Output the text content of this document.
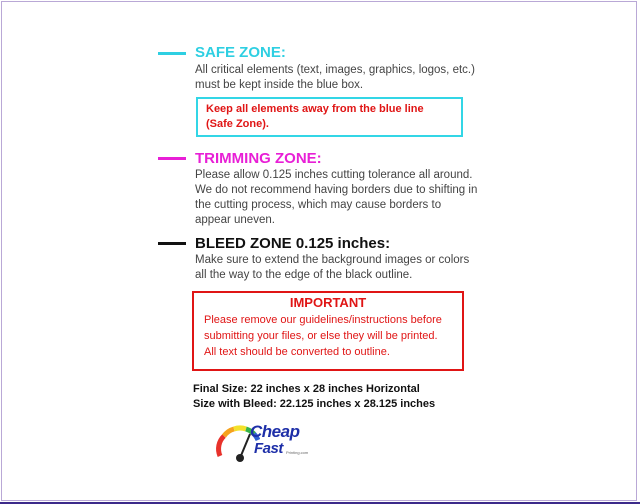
SAFE ZONE:

All critical elements (text, images, graphics, logos, etc.)
must be kept inside the blue box.

Keep all elements away from the blue line
(Safe Zone).
TRIMMING ZONE:

Please allow 0.125 inches cutting tolerance all around.
We do not recommend having borders due to shifting in
the cutting process, which may cause borders to
appear uneven.

BLEED ZONE 0.125 inches:

Make sure to extend the background images or colors
all the way to the edge of the black outline.

IMPORTANT
Please remove our guidelines/instructions before
submitting your files, or else they will be printed.
All text should be converted to outline.
Final Size: 22 inches x 28 inches Horizontal
Size with Bleed: 22.125 inches x 28.125 inches
Cheap
Fast Printing.com
